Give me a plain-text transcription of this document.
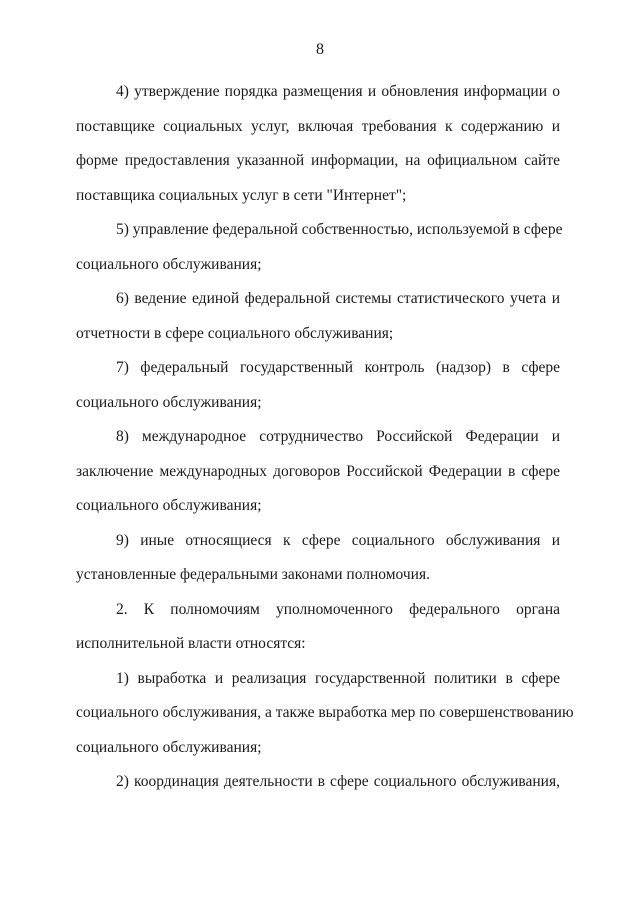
8
4) утверждение порядка размещения и обновления информации о
поставщике социальных услуг, включая требования к содержанию и
форме предоставления указанной информации, на официальном сайте
поставщика социальных услуг в сети "Интернет";
5) управление федеральной собственностью, используемой в сфере
социального обслуживания;
6) ведение единой федеральной системы статистического учета и
отчетности в сфере социального обслуживания;
7) федеральный государственный контроль (надзор) в сфере
социального обслуживания;
8) международное сотрудничество Российской Федерации и
заключение международных договоров Российской Федерации в сфере
социального обслуживания;
9) иные относящиеся к сфере социального обслуживания и
установленные федеральными законами полномочия.
2. К полномочиям уполномоченного федерального органа
исполнительной власти относятся:
1) выработка и реализация государственной политики в сфере
социального обслуживания, а также выработка мер по совершенствованию
социального обслуживания;
2) координация деятельности в сфере социального обслуживания,
